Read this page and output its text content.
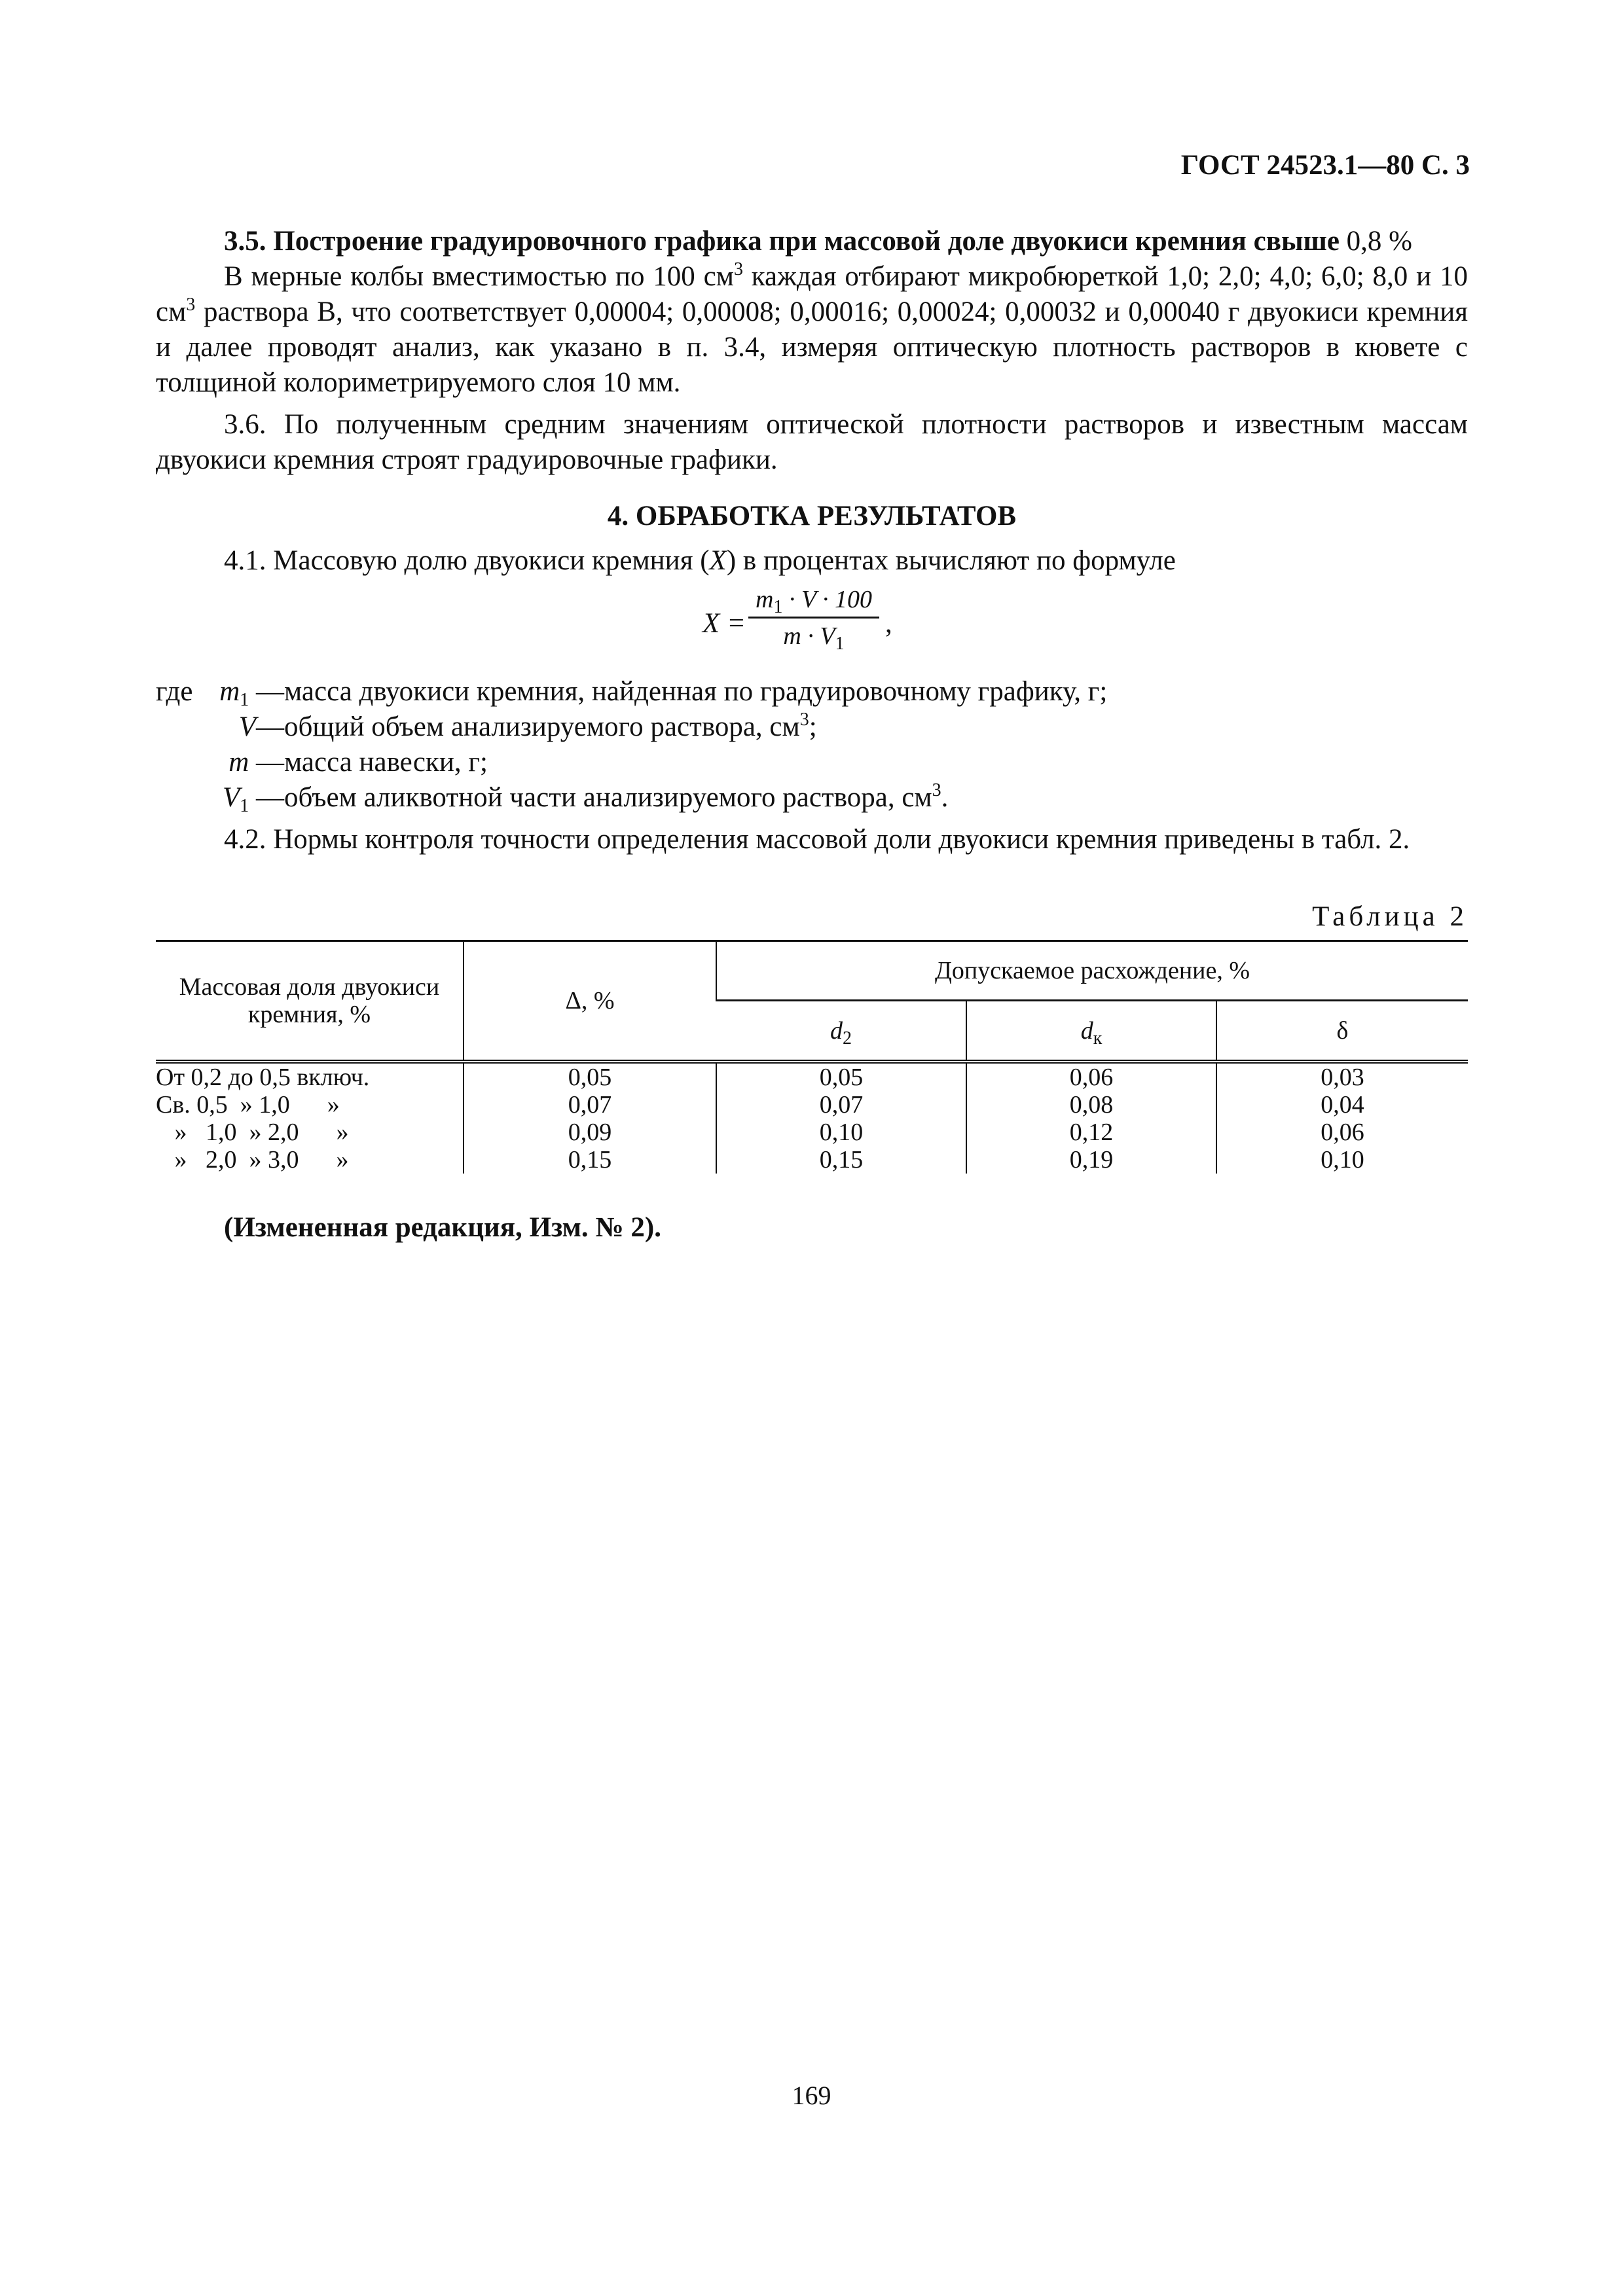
ГОСТ 24523.1—80 С. 3

3.5. Построение градуировочного графика при массовой доле двуокиси кремния свыше 0,8 %

В мерные колбы вместимостью по 100 $см^3$ каждая отбирают микробюреткой 1,0; 2,0; 4,0; 6,0; 8,0 и 10 $см^3$ раствора В, что соответствует 0,00004; 0,00008; 0,00016; 0,00024; 0,00032 и 0,00040 г двуокиси кремния и далее проводят анализ, как указано в п. 3.4, измеряя оптическую плотность растворов в кювете с толщиной колориметрируемого слоя 10 мм.

3.6. По полученным средним значениям оптической плотности растворов и известным массам двуокиси кремния строят градуировочные графики.

4. ОБРАБОТКА РЕЗУЛЬТАТОВ

4.1. Массовую долю двуокиси кремния (X) в процентах вычисляют по формуле

$X = \frac{m_1 \cdot V \cdot 100}{m \cdot V_1}$ ,
где $m_1$ — масса двуокиси кремния, найденная по градуировочному графику, г;
V— общий объем анализируемого раствора, $см^3$;
m — масса навески, г;
$V_1$ — объем аликвотной части анализируемого раствора, $см^3$.

4.2. Нормы контроля точности определения массовой доли двуокиси кремния приведены в табл. 2.

Таблица 2

Массовая доля двуокиси кремния, %	Δ, %	Допускаемое расхождение, %		
		$d_2$	$d_к$	δ
От 0,2 до 0,5 включ.	0,05	0,05	0,06	0,03
Св. 0,5  » 1,0      »	0,07	0,07	0,08	0,04
»   1,0  » 2,0      »	0,09	0,10	0,12	0,06
»   2,0  » 3,0      »	0,15	0,15	0,19	0,10

(Измененная редакция, Изм. № 2).

169
